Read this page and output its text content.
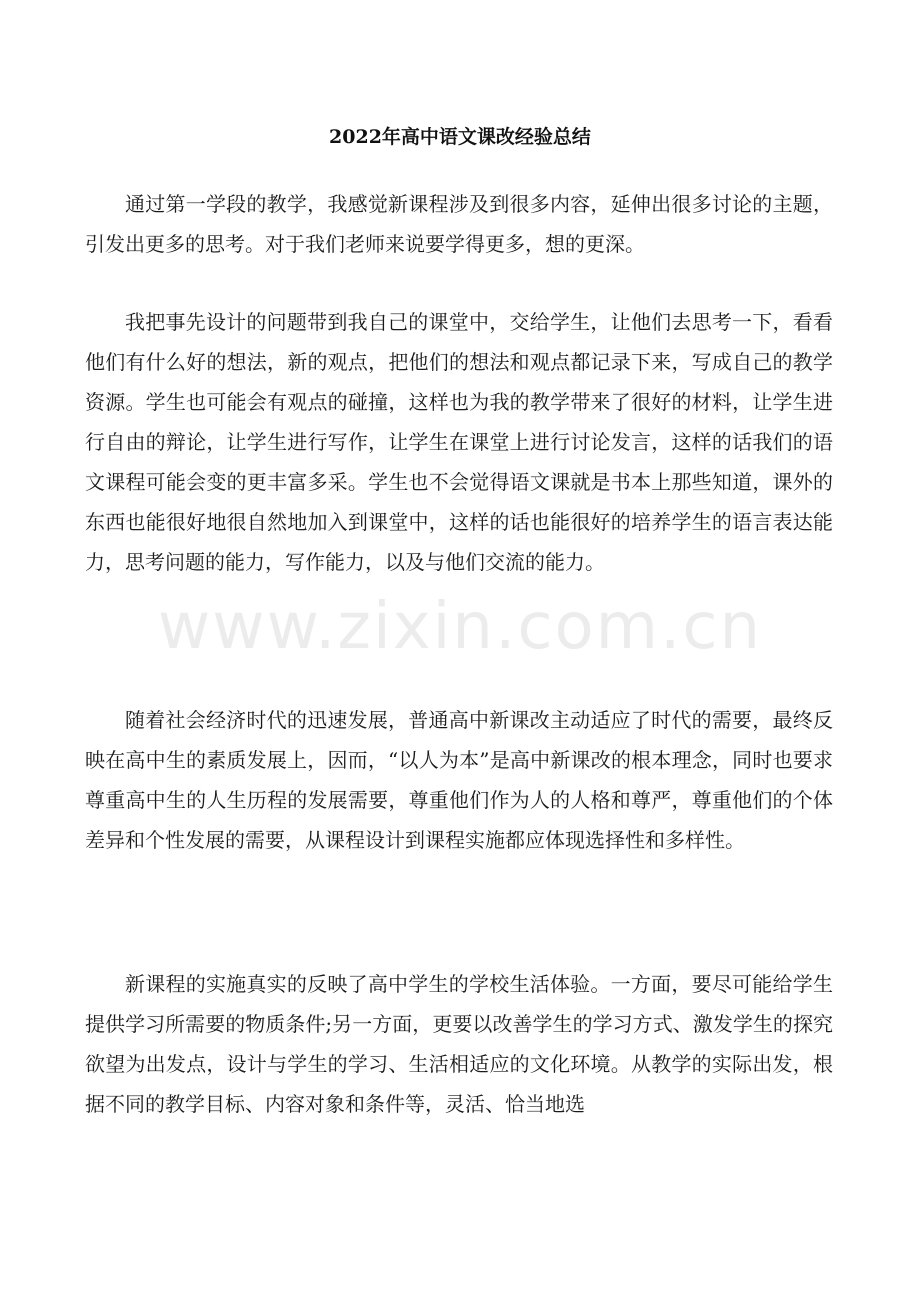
2022年高中语文课改经验总结

通过第一学段的教学，我感觉新课程涉及到很多内容，延伸出很多讨论的主题，引发出更多的思考。对于我们老师来说要学得更多，想的更深。

我把事先设计的问题带到我自己的课堂中，交给学生，让他们去思考一下，看看他们有什么好的想法，新的观点，把他们的想法和观点都记录下来，写成自己的教学资源。学生也可能会有观点的碰撞，这样也为我的教学带来了很好的材料，让学生进行自由的辩论，让学生进行写作，让学生在课堂上进行讨论发言，这样的话我们的语文课程可能会变的更丰富多采。学生也不会觉得语文课就是书本上那些知道，课外的东西也能很好地很自然地加入到课堂中，这样的话也能很好的培养学生的语言表达能力，思考问题的能力，写作能力，以及与他们交流的能力。

随着社会经济时代的迅速发展，普通高中新课改主动适应了时代的需要，最终反映在高中生的素质发展上，因而，“以人为本”是高中新课改的根本理念，同时也要求尊重高中生的人生历程的发展需要，尊重他们作为人的人格和尊严，尊重他们的个体差异和个性发展的需要，从课程设计到课程实施都应体现选择性和多样性。

新课程的实施真实的反映了高中学生的学校生活体验。一方面，要尽可能给学生提供学习所需要的物质条件;另一方面，更要以改善学生的学习方式、激发学生的探究欲望为出发点，设计与学生的学习、生活相适应的文化环境。从教学的实际出发，根据不同的教学目标、内容对象和条件等，灵活、恰当地选

www.zixin.com.cn
